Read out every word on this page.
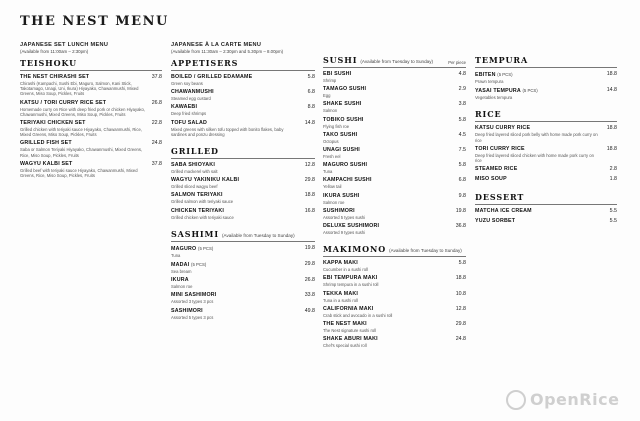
THE NEST MENU
JAPANESE SET LUNCH MENU
(Available from 11:00am – 2:30pm)
TEISHOKU
THE NEST CHIRASHI SET	37.8
Chirashi (Kampachi, Sushi Ebi, Maguro, Salmon, Kani Stick, Takotamago, Unagi, Uni, Ikura) Hiyayako, Chawanmushi, Mixed Greens, Miso Soup, Pickles, Fruits
KATSU / TORI CURRY RICE SET	26.8
Homemade curry on Rice with deep fried pork or chicken Hiyayako, Chawanmushi, Mixed Greens, Miso Soup, Pickles, Fruits
TERIYAKI CHICKEN SET	22.8
Grilled chicken with teriyaki sauce Hiyayako, Chawanmushi, Rice, Mixed Greens, Miso Soup, Pickles, Fruits
GRILLED FISH SET	24.8
Saba or Salmon Teriyaki Hiyayako, Chawanmushi, Mixed Greens, Rice, Miso Soup, Pickles, Fruits
WAGYU KALBI SET	37.8
Grilled beef with teriyaki sauce Hiyayako, Chawanmushi, Mixed Greens, Rice, Miso Soup, Pickles, Fruits
JAPANESE À LA CARTE MENU
(Available from 11:30am – 2:30pm and 5.30pm – 8.00pm)
APPETISERS
BOILED / GRILLED EDAMAME	5.8
Green soy beans
CHAWANMUSHI	6.8
Steamed egg custard
KAWAEBI	8.8
Deep fried shrimps
TOFU SALAD	14.8
Mixed greens with silken tofu topped with bonito flakes, baby sardines and ponzu dressing
GRILLED
SABA SHIOYAKI	12.8
Grilled mackerel with salt
WAGYU YAKINIKU KALBI	29.8
Grilled sliced wagyu beef
SALMON TERIYAKI	18.8
Grilled salmon with teriyaki sauce
CHICKEN TERIYAKI	16.8
Grilled chicken with teriyaki sauce
SASHIMI (Available from Tuesday to Sunday)
MAGURO (5 PCS)	19.8
Tuna
MADAI (5 PCS)	29.8
Sea bream
IKURA	26.8
Salmon roe
MINI SASHIMORI	33.8
Assorted 3 types 3 pcs
SASHIMORI	49.8
Assorted 5 types 3 pcs
SUSHI (Available from Tuesday to Sunday)	Per piece
EBI SUSHI	4.8
Shrimp
TAMAGO SUSHI	2.9
Egg
SHAKE SUSHI	3.8
Salmon
TOBIKO SUSHI	5.8
Flying fish roe
TAKO SUSHI	4.5
Octopus
UNAGI SUSHI	7.5
Fresh eel
MAGURO SUSHI	5.8
Tuna
KAMPACHI SUSHI	6.8
Yellow tail
IKURA SUSHI	9.8
Salmon roe
SUSHIMORI	19.8
Assorted 5 types sushi
DELUXE SUSHIMORI	36.8
Assorted 9 types sushi
MAKIMONO (Available from Tuesday to Sunday)
KAPPA MAKI	5.8
Cucumber in a sushi roll
EBI TEMPURA MAKI	18.8
Shrimp tempura in a sushi roll
TEKKA MAKI	10.8
Tuna in a sushi roll
CALIFORNIA MAKI	12.8
Crab stick and avocado in a sushi roll
THE NEST MAKI	29.8
The Nest signature sushi roll
SHAKE ABURI MAKI	24.8
Chef's special sushi roll
TEMPURA
EBITEN (5 PCS)	18.8
Prawn tempura
YASAI TEMPURA (5 PCS)	14.8
Vegetables tempura
RICE
KATSU CURRY RICE	18.8
Deep fried layered sliced pork belly with home made pork curry on rice
TORI CURRY RICE	18.8
Deep fried layered sliced chicken with home made pork curry on rice
STEAMED RICE	2.8
MISO SOUP	1.8
DESSERT
MATCHA ICE CREAM	5.5
YUZU SORBET	5.5
OpenRice
